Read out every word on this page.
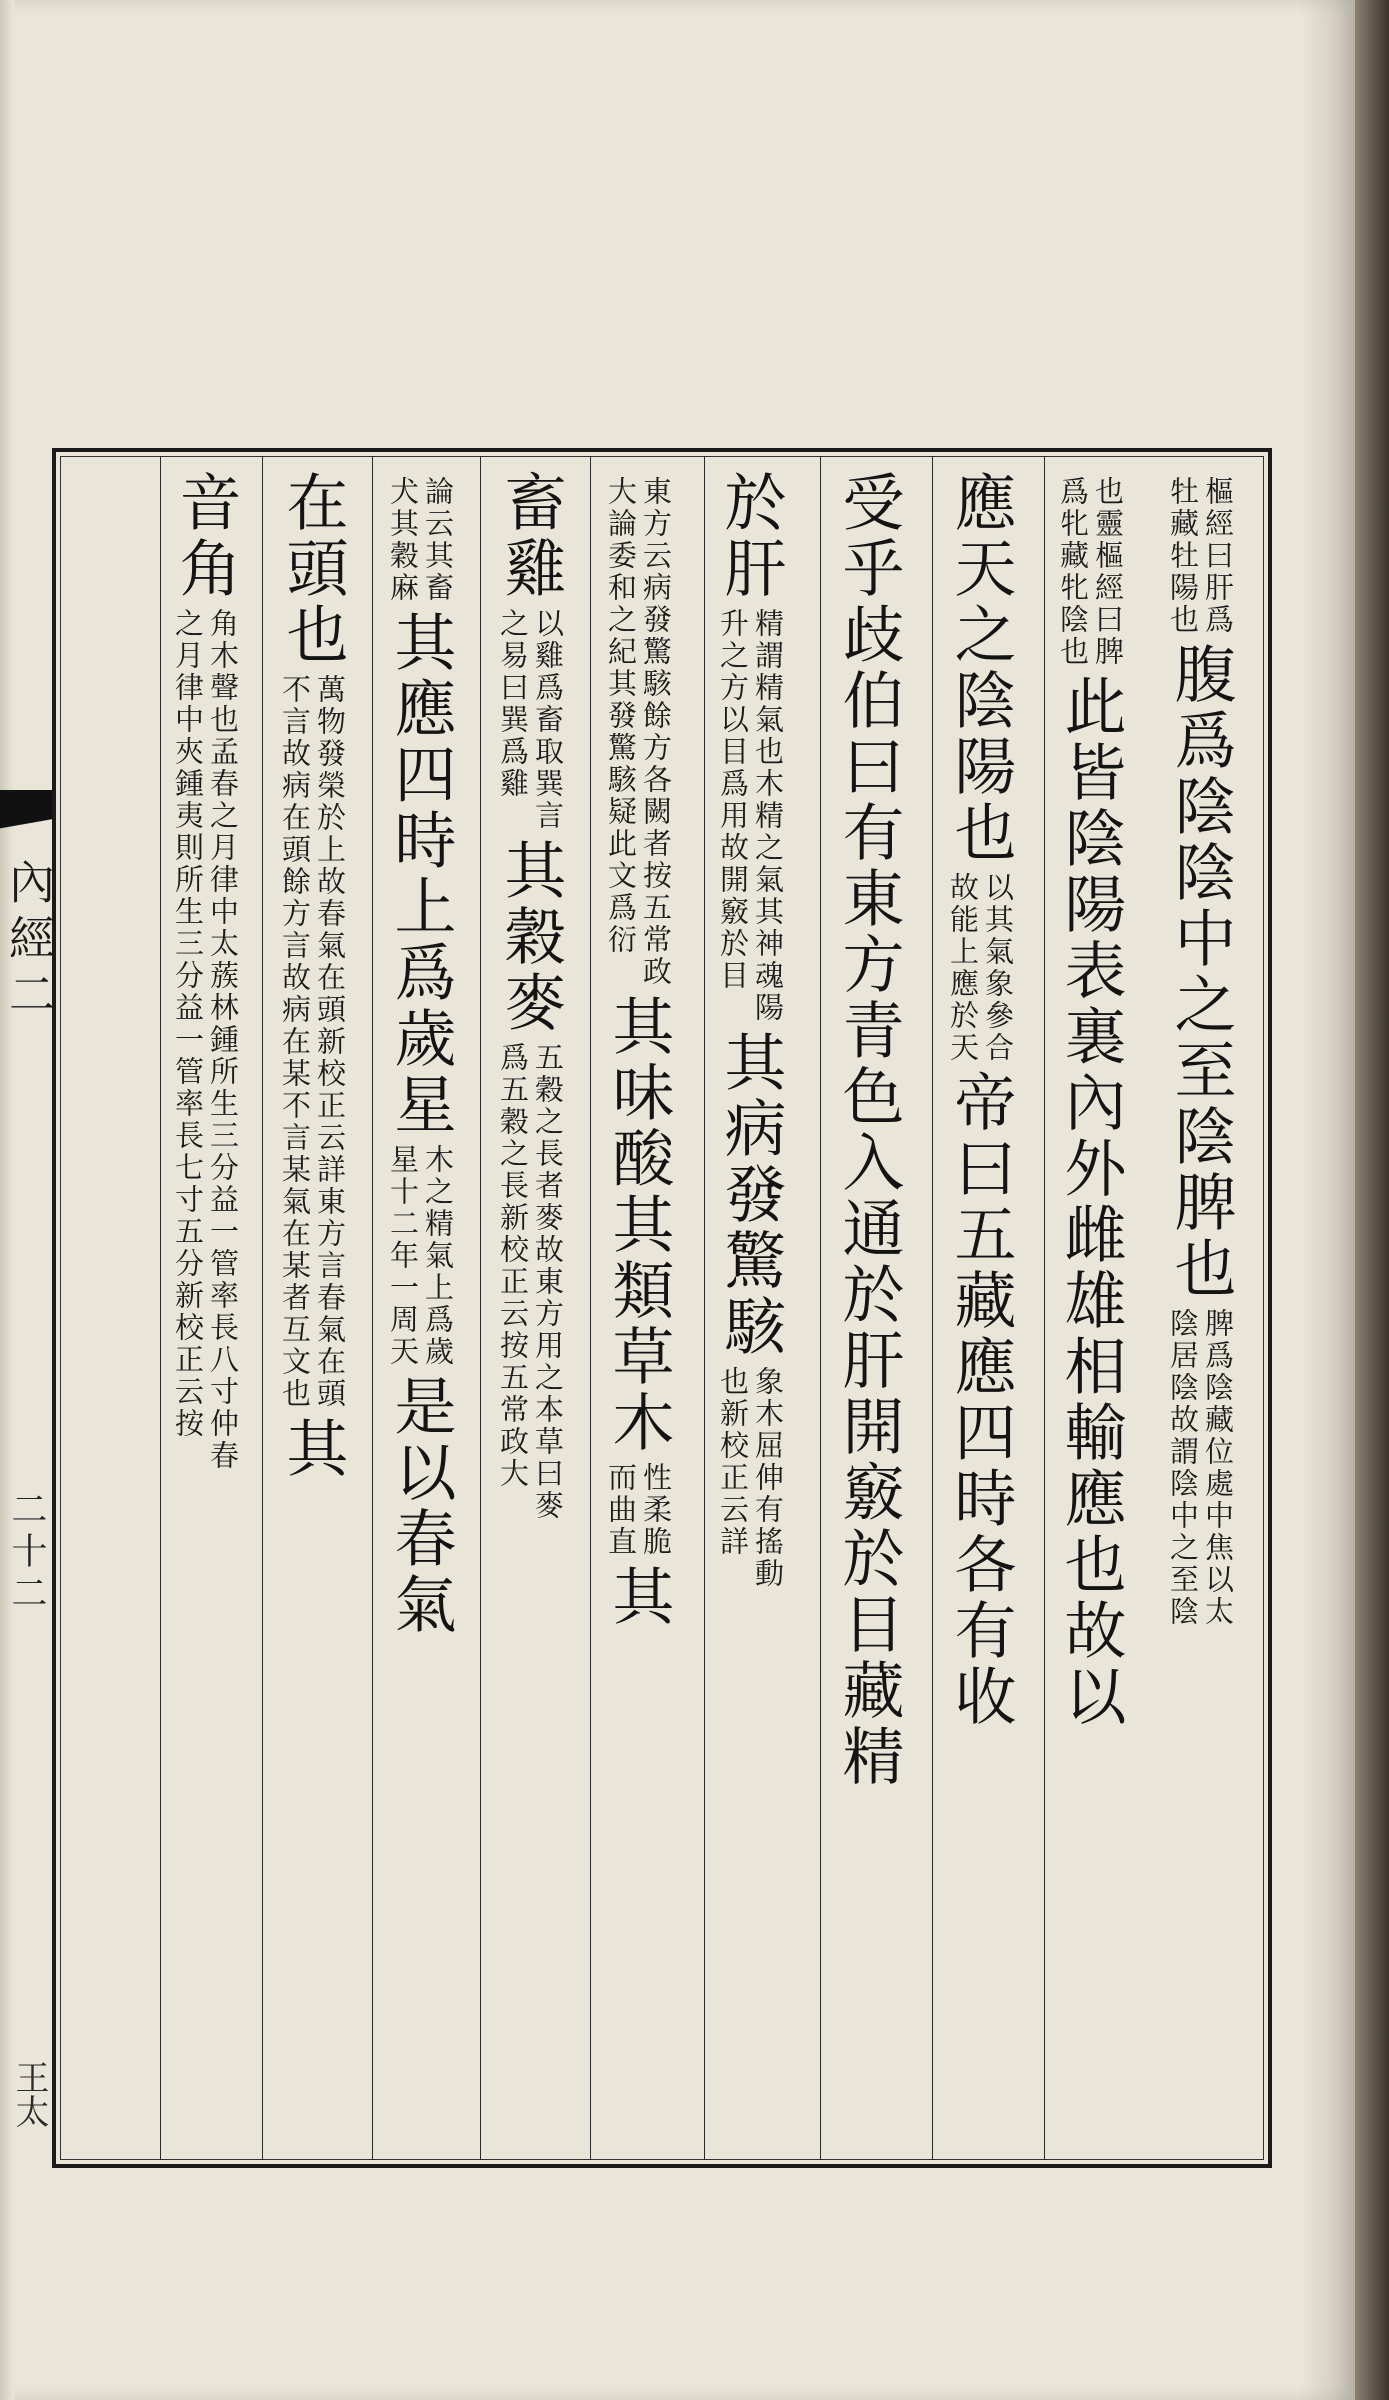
內經二
二十二
王太
樞經曰肝爲
牡藏牡陽也
腹爲陰陰中之至陰脾也
脾爲陰藏位處中焦以太
陰居陰故謂陰中之至陰
也靈樞經曰脾
爲牝藏牝陰也
此皆陰陽表裏內外雌雄相輸應也故以
應天之陰陽也
以其氣象參合
故能上應於天
帝曰五藏應四時各有收
受乎歧伯曰有東方青色入通於肝開竅於目藏精
於肝
精謂精氣也木精之氣其神魂陽
升之方以目爲用故開竅於目
其病發驚駭
象木屈伸有搖動
也新校正云詳
東方云病發驚駭餘方各闕者按五常政
大論委和之紀其發驚駭疑此文爲衍
其味酸其類草木
性柔脆
而曲直
其
畜雞
以雞爲畜取巽言
之易曰巽爲雞
其穀麥
五穀之長者麥故東方用之本草曰麥
爲五穀之長新校正云按五常政大
論云其畜
犬其穀麻
其應四時上爲歲星
木之精氣上爲歲
星十二年一周天
是以春氣
在頭也
萬物發榮於上故春氣在頭新校正云詳東方言春氣在頭
不言故病在頭餘方言故病在某不言某氣在某者互文也
其
音角
角木聲也孟春之月律中太蔟林鍾所生三分益一管率長八寸仲春
之月律中夾鍾夷則所生三分益一管率長七寸五分新校正云按
